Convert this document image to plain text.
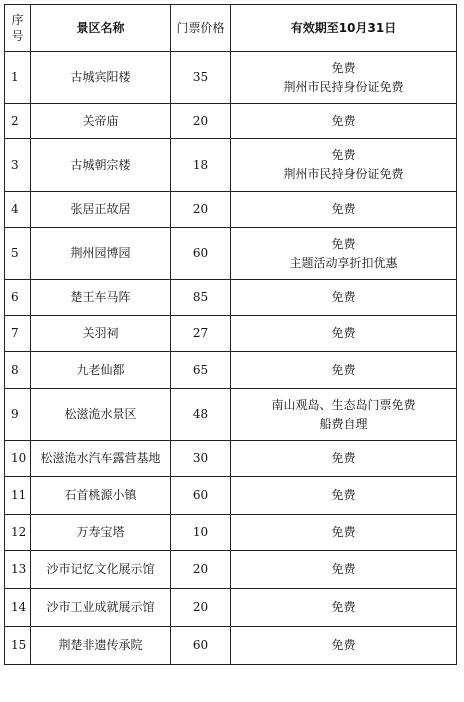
序
号	景区名称	门票价格	有效期至10月31日
1	古城宾阳楼	35	免费
荆州市民持身份证免费

2	关帝庙	20	免费

3	古城朝宗楼	18	免费
荆州市民持身份证免费

4	张居正故居	20	免费

5	荆州园博园	60	免费
主题活动享折扣优惠

6	楚王车马阵	85	免费

7	关羽祠	27	免费

8	九老仙都	65	免费

9	松滋洈水景区	48	南山观岛、生态岛门票免费
船费自理

10	松滋洈水汽车露营基地	30	免费

11	石首桃源小镇	60	免费

12	万寿宝塔	10	免费

13	沙市记忆文化展示馆	20	免费

14	沙市工业成就展示馆	20	免费

15	荆楚非遗传承院	60	免费
